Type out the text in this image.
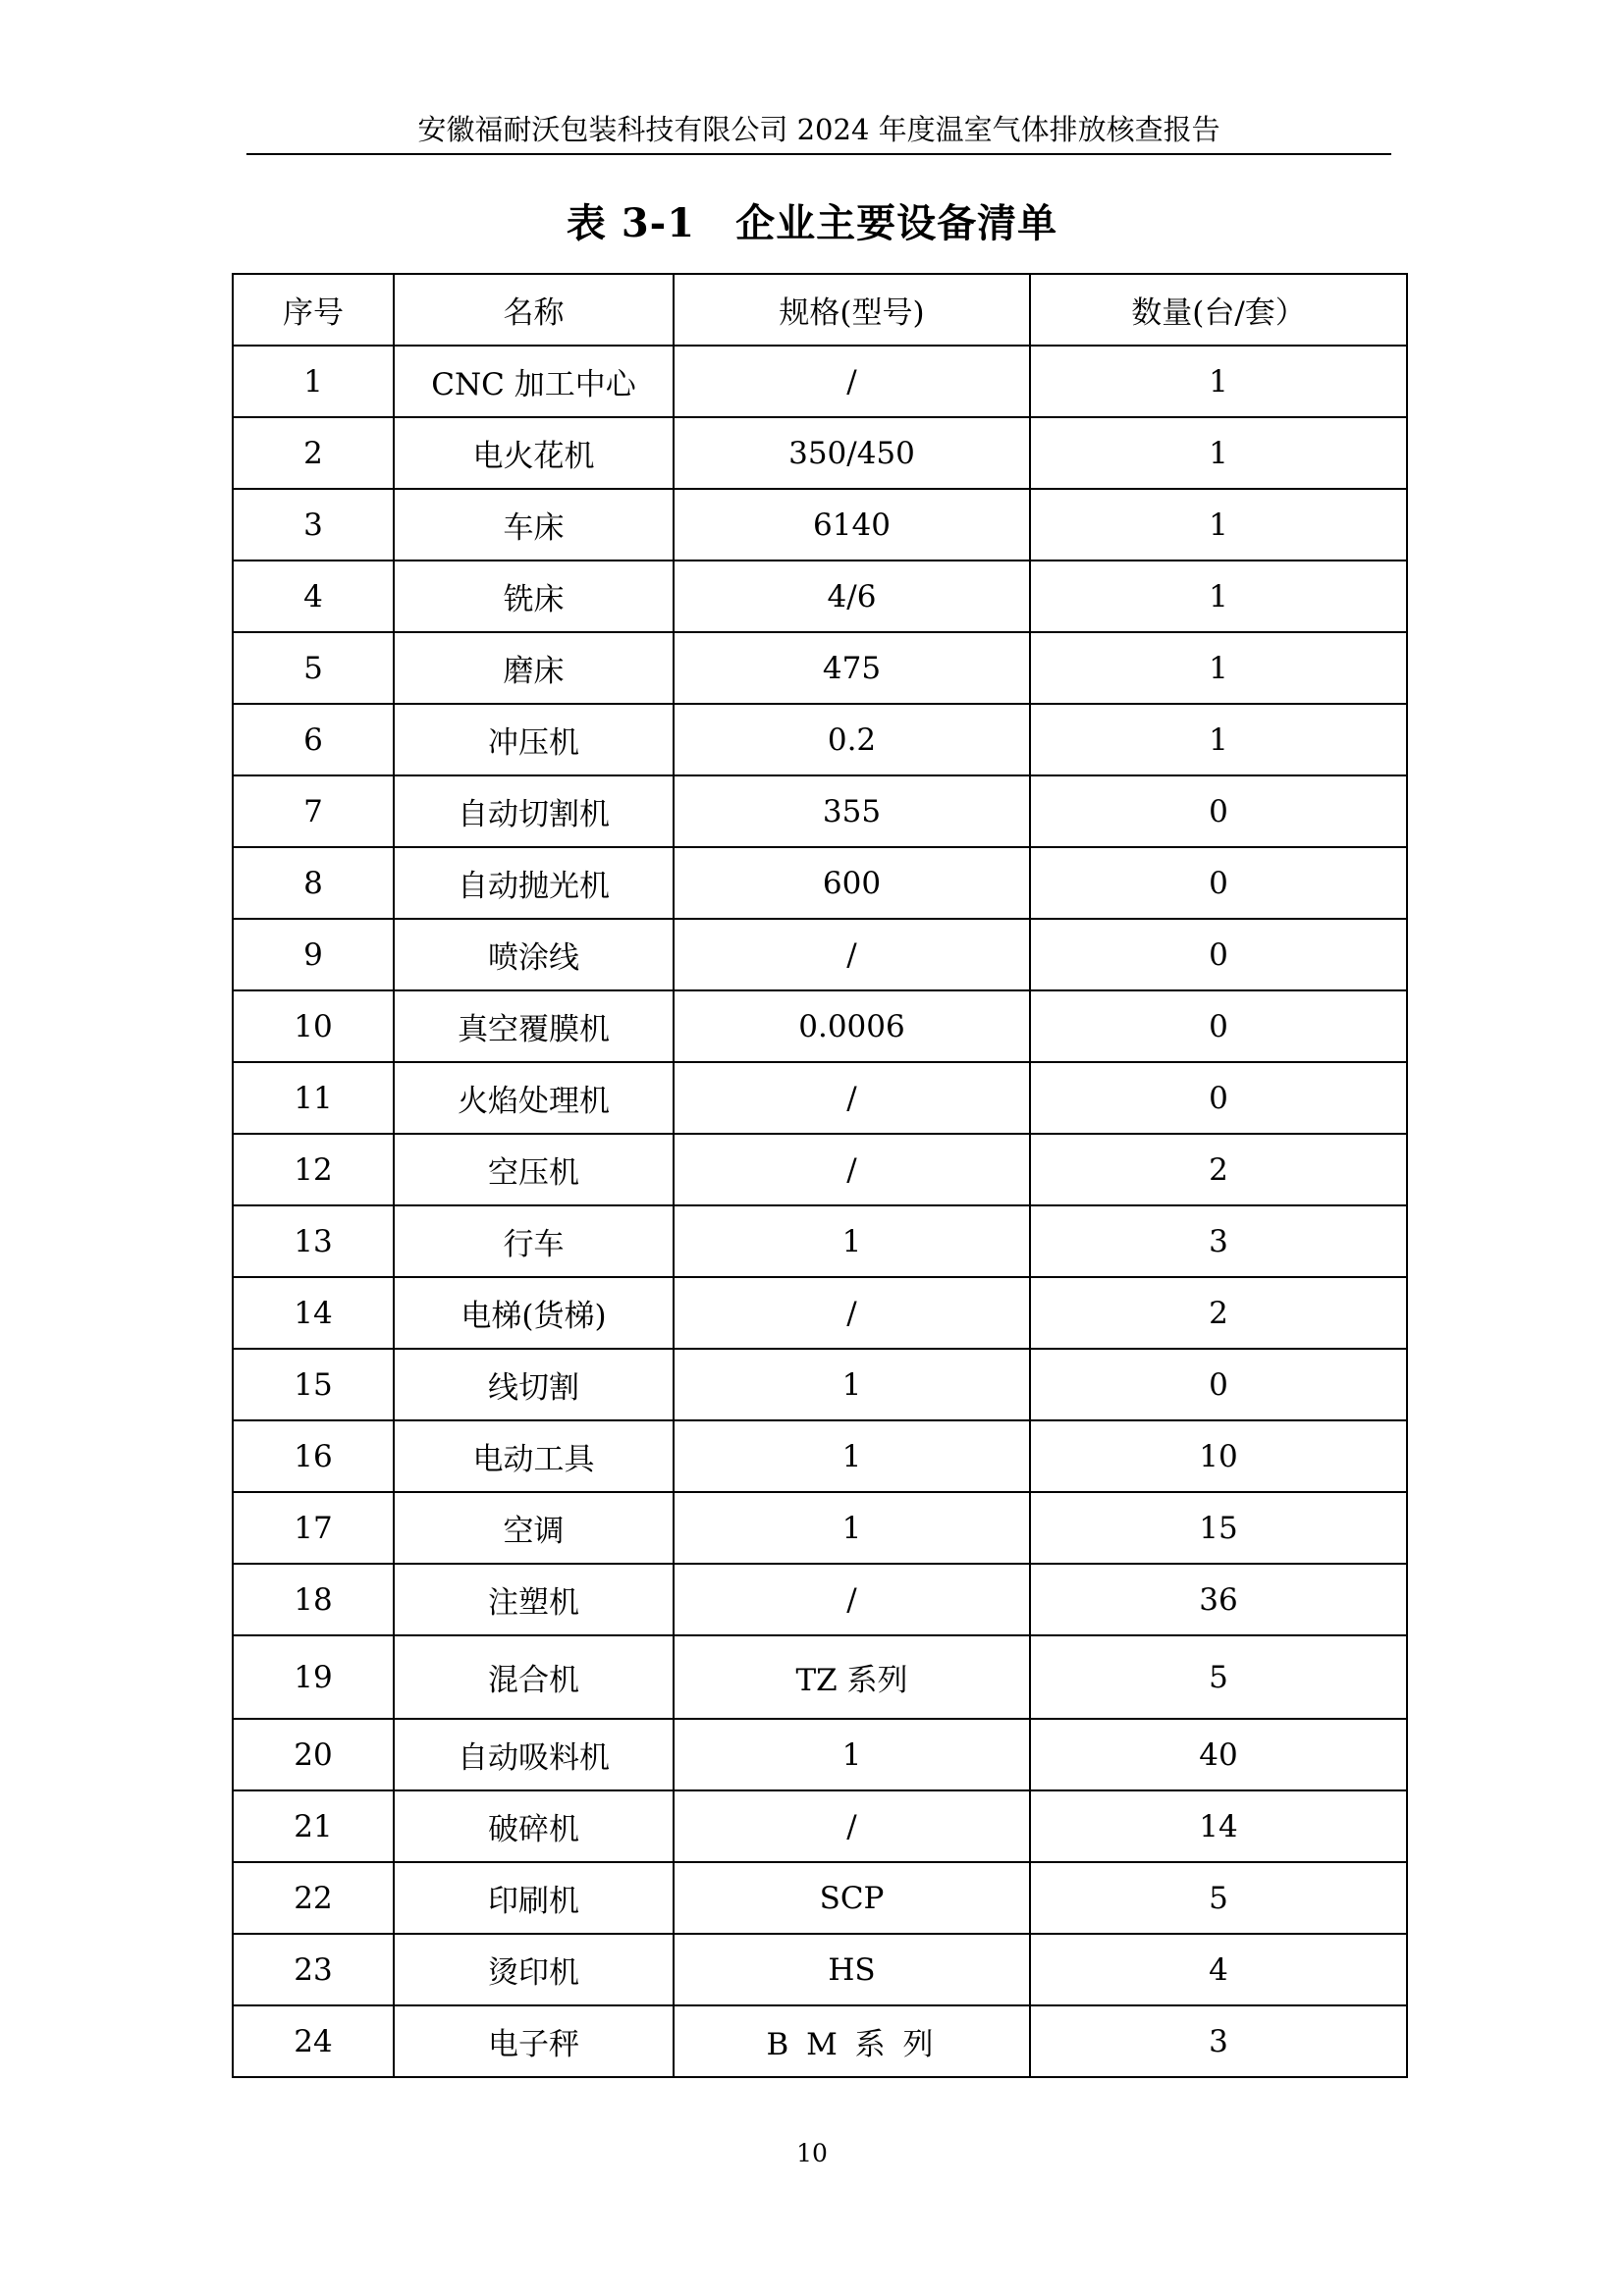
安徽福耐沃包装科技有限公司 2024 年度温室气体排放核查报告
表 3-1　企业主要设备清单
序号	名称	规格(型号)	数量(台/套）
1	CNC 加工中心	/	1
2	电火花机	350/450	1
3	车床	6140	1
4	铣床	4/6	1
5	磨床	475	1
6	冲压机	0.2	1
7	自动切割机	355	0
8	自动抛光机	600	0
9	喷涂线	/	0
10	真空覆膜机	0.0006	0
11	火焰处理机	/	0
12	空压机	/	2
13	行车	1	3
14	电梯(货梯)	/	2
15	线切割	1	0
16	电动工具	1	10
17	空调	1	15
18	注塑机	/	36
19	混合机	TZ 系列	5
20	自动吸料机	1	40
21	破碎机	/	14
22	印刷机	SCP	5
23	烫印机	HS	4
24	电子秤	B M 系 列	3
10
